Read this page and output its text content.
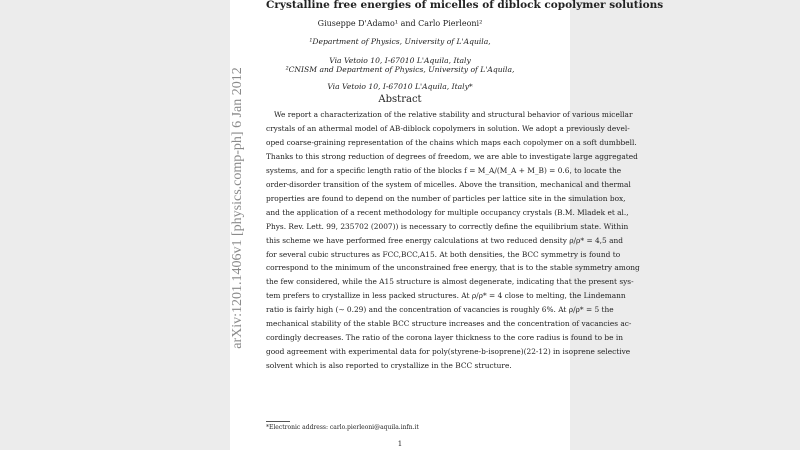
arXiv:1201.1406v1 [physics.comp-ph] 6 Jan 2012
Crystalline free energies of micelles of diblock copolymer solutions
Giuseppe D'Adamo¹ and Carlo Pierleoni²
¹Department of Physics, University of L'Aquila,
Via Vetoio 10, I-67010 L'Aquila, Italy
²CNISM and Department of Physics, University of L'Aquila,
Via Vetoio 10, I-67010 L'Aquila, Italy*
Abstract
We report a characterization of the relative stability and structural behavior of various micellar
crystals of an athermal model of AB-diblock copolymers in solution. We adopt a previously devel-
oped coarse-graining representation of the chains which maps each copolymer on a soft dumbbell.
Thanks to this strong reduction of degrees of freedom, we are able to investigate large aggregated
systems, and for a specific length ratio of the blocks f = M_A/(M_A + M_B) = 0.6, to locate the
order-disorder transition of the system of micelles. Above the transition, mechanical and thermal
properties are found to depend on the number of particles per lattice site in the simulation box,
and the application of a recent methodology for multiple occupancy crystals (B.M. Mladek et al.,
Phys. Rev. Lett. 99, 235702 (2007)) is necessary to correctly define the equilibrium state. Within
this scheme we have performed free energy calculations at two reduced density ρ/ρ* = 4,5 and
for several cubic structures as FCC,BCC,A15. At both densities, the BCC symmetry is found to
correspond to the minimum of the unconstrained free energy, that is to the stable symmetry among
the few considered, while the A15 structure is almost degenerate, indicating that the present sys-
tem prefers to crystallize in less packed structures. At ρ/ρ* = 4 close to melting, the Lindemann
ratio is fairly high (∼ 0.29) and the concentration of vacancies is roughly 6%. At ρ/ρ* = 5 the
mechanical stability of the stable BCC structure increases and the concentration of vacancies ac-
cordingly decreases. The ratio of the corona layer thickness to the core radius is found to be in
good agreement with experimental data for poly(styrene-b-isoprene)(22-12) in isoprene selective
solvent which is also reported to crystallize in the BCC structure.
*Electronic address: carlo.pierleoni@aquila.infn.it
1
